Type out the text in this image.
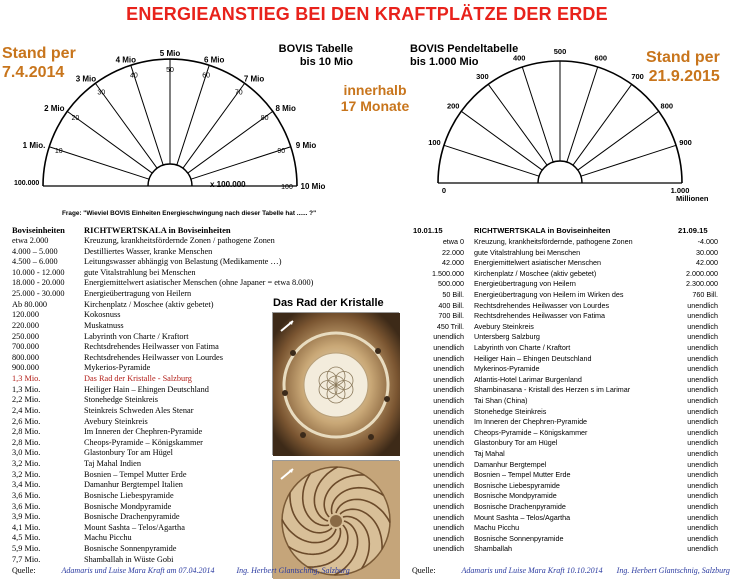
ENERGIEANSTIEG BEI DEN KRAFTPLÄTZE DER ERDE
Stand per
7.4.2014
Stand per
21.9.2015
innerhalb
17 Monate
1 Mio.
10
2 Mio
20
3 Mio
30
4 Mio
40
5 Mio
50
6 Mio
60	7 Mio
70
8 Mio
80
9 Mio
90
10 Mio
100
BOVIS Tabelle
bis 10 Mio
100.000	x 100.000
Frage: "Wieviel BOVIS Einheiten Energieschwingung nach dieser Tabelle hat ...... ?"
0
100
200
300
400
500
600
700
800
900
1.000
BOVIS Pendeltabelle
bis 1.000 Mio
Millionen
Boviseinheiten RICHTWERTSKALA in Boviseinheiten
etwa 2.000	Kreuzung, krankheitsfördernde Zonen / pathogene Zonen
4.000 – 5.000	Destilliertes Wasser, kranke Menschen
4.500 – 6.000	Leitungswasser abhängig von Belastung (Medikamente …)
10.000 - 12.000 gute Vitalstrahlung bei Menschen
18.000 - 20.000 Energiemittelwert asiatischer Menschen (ohne Japaner = etwa 8.000)
25.000 - 30.000 Energieübertragung von Heilern
Ab 80.000	Kirchenplatz / Moschee (aktiv gebetet)
120.000	Kokosnuss
220.000	Muskatnuss
250.000	Labyrinth von Charte / Kraftort
700.000	Rechtsdrehendes Heilwasser von Fatima
800.000	Rechtsdrehendes Heilwasser von Lourdes
900.000	Mykerios-Pyramide
1,3 Mio.	Das Rad der Kristalle - Salzburg
1,3 Mio.	Heiliger Hain – Ehingen Deutschland
2,2 Mio.	Stonehedge Steinkreis
2,4 Mio.	Steinkreis Schweden Ales Stenar
2,6 Mio.	Avebury Steinkreis
2,8 Mio.	Im Inneren der Chephren-Pyramide
2,8 Mio.	Cheops-Pyramide – Königskammer
3,0 Mio.	Glastonbury Tor am Hügel
3,2 Mio.	Taj Mahal Indien
3,2 Mio.	Bosnien – Tempel Mutter Erde
3,4 Mio.	Damanhur Bergtempel Italien
3,6 Mio.	Bosnische Liebespyramide
3,6 Mio.	Bosnische Mondpyramide
3,9 Mio.	Bosnische Drachenpyramide
4,1 Mio.	Mount Sashta – Telos/Agartha
4,5 Mio.	Machu Picchu
5,9 Mio.	Bosnische Sonnenpyramide
7,7 Mio.	Shamballah in Wüste Gobi
Das Rad der Kristalle
10.01.15	RICHTWERTSKALA in Boviseinheiten	21.09.15
etwa 0 Kreuzung, krankheitsfördernde, pathogene Zonen	-4.000
22.000 gute Vitalstrahlung bei Menschen	30.000
42.000 Energiemittelwert asiatischer Menschen	42.000
1.500.000 Kirchenplatz / Moschee (aktiv gebetet)	2.000.000
500.000 Energieübertragung von Heilern	2.300.000
50 Bill. Energieübertragung von Heilern im Wirken des	760 Bill.
400 Bill. Rechtsdrehendes Heilwasser von Lourdes	unendlich
700 Bill. Rechtsdrehendes Heilwasser von Fatima	unendlich
450 Trill. Avebury Steinkreis	unendlich
unendlich Untersberg Salzburg	unendlich
unendlich Labyrinth von Charte / Kraftort	unendlich
unendlich Heiliger Hain – Ehingen Deutschland	unendlich
unendlich Mykerinos-Pyramide	unendlich
unendlich Atlantis-Hotel Larimar Burgenland	unendlich
unendlich Shambinasana - Kristall des Herzen s im Larimar	unendlich
unendlich Tai Shan (China)	unendlich
unendlich Stonehedge Steinkreis	unendlich
unendlich Im Inneren der Chephren-Pyramide	unendlich
unendlich Cheops-Pyramide – Königskammer	unendlich
unendlich Glastonbury Tor am Hügel	unendlich
unendlich Taj Mahal	unendlich
unendlich Damanhur Bergtempel	unendlich
unendlich Bosnien – Tempel Mutter Erde	unendlich
unendlich Bosnische Liebespyramide	unendlich
unendlich Bosnische Mondpyramide	unendlich
unendlich Bosnische Drachenpyramide	unendlich
unendlich Mount Sashta – Telos/Agartha	unendlich
unendlich Machu Picchu	unendlich
unendlich Bosnische Sonnenpyramide	unendlich
unendlich Shamballah	unendlich
Quelle:	Adamaris und Luise Mara Kraft am 07.04.2014	Ing. Herbert Glantschnig, Salzburg	Quelle:	Adamaris und Luise Mara Kraft 10.10.2014 Ing. Herbert Glantschnig, Salzburg
